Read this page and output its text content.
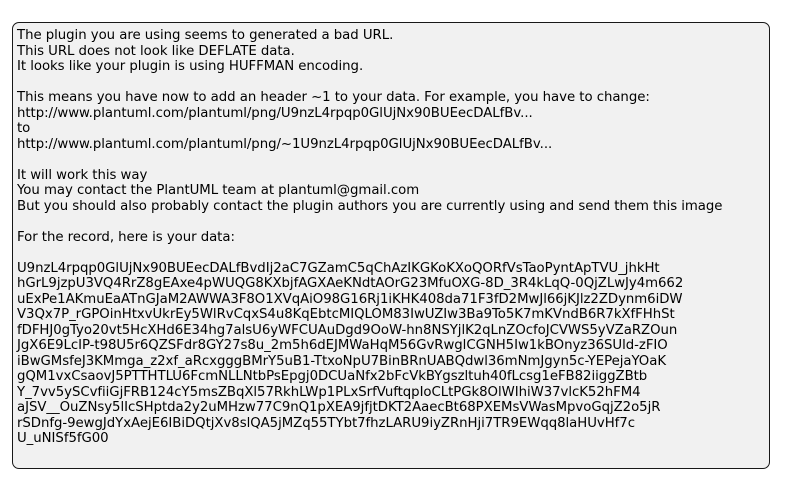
The plugin you are using seems to generated a bad URL.
This URL does not look like DEFLATE data.
It looks like your plugin is using HUFFMAN encoding.
This means you have now to add an header ~1 to your data. For example, you have to change:
http://www.plantuml.com/plantuml/png/U9nzL4rpqp0GlUjNx90BUEecDALfBv...
to
http://www.plantuml.com/plantuml/png/~1U9nzL4rpqp0GlUjNx90BUEecDALfBv...
It will work this way
You may contact the PlantUML team at plantuml@gmail.com
But you should also probably contact the plugin authors you are currently using and send them this image
For the record, here is your data:
U9nzL4rpqp0GlUjNx90BUEecDALfBvdIj2aC7GZamC5qChAzIKGKoKXoQORfVsTaoPyntApTVU_jhkHt
hGrL9jzpU3VQ4RrZ8gEAxe4pWUQG8KXbjfAGXAeKNdtAOrG23MfuOXG-8D_3R4kLqQ-0QjZLwJy4m662
uExPe1AKmuEaATnGJaM2AWWA3F8O1XVqAiO98G16Rj1iKHK408da71F3fD2MwJl66jKJlz2ZDynm6iDW
V3Qx7P_rGPOinHtxvUkrEy5WlRvCqxS4u8KqEbtcMIQLOM83IwUZIw3Ba9To5K7mKVndB6R7kXfFHhSt
fDFHJ0gTyo20vt5HcXHd6E34hg7alsU6yWFCUAuDgd9OoW-hn8NSYjlK2qLnZOcfoJCVWS5yVZaRZOun
JgX6E9LcIP-t98U5r6QZSFdr8GY27s8u_2m5h6dEJMWaHqM56GvRwglCGNH5Iw1kBOnyz36SUld-zFIO
iBwGMsfeJ3KMmga_z2xf_aRcxgggBMrY5uB1-TtxoNpU7BinBRnUABQdwl36mNmJgyn5c-YEPejaYOaK
gQM1vxCsaovJ5PTTHTLU6FcmNLLNtbPsEpgj0DCUaNfx2bFcVkBYgszltuh40fLcsg1eFB82iiggZBtb
Y_7vv5ySCvfiiGjFRB124cY5msZBqXl57RkhLWp1PLxSrfVuftqpIoCLtPGk8OlWIhiW37vlcK52hFM4
aJSV__OuZNsy5lIcSHptda2y2uMHzw77C9nQ1pXEA9jfjtDKT2AaecBt68PXEMsVWasMpvoGqjZ2o5jR
rSDnfg-9ewgJdYxAejE6IBiDQtjXv8slQA5jMZq55TYbt7fhzLARU9iyZRnHji7TR9EWqq8laHUvHf7c
U_uNISf5fG00
